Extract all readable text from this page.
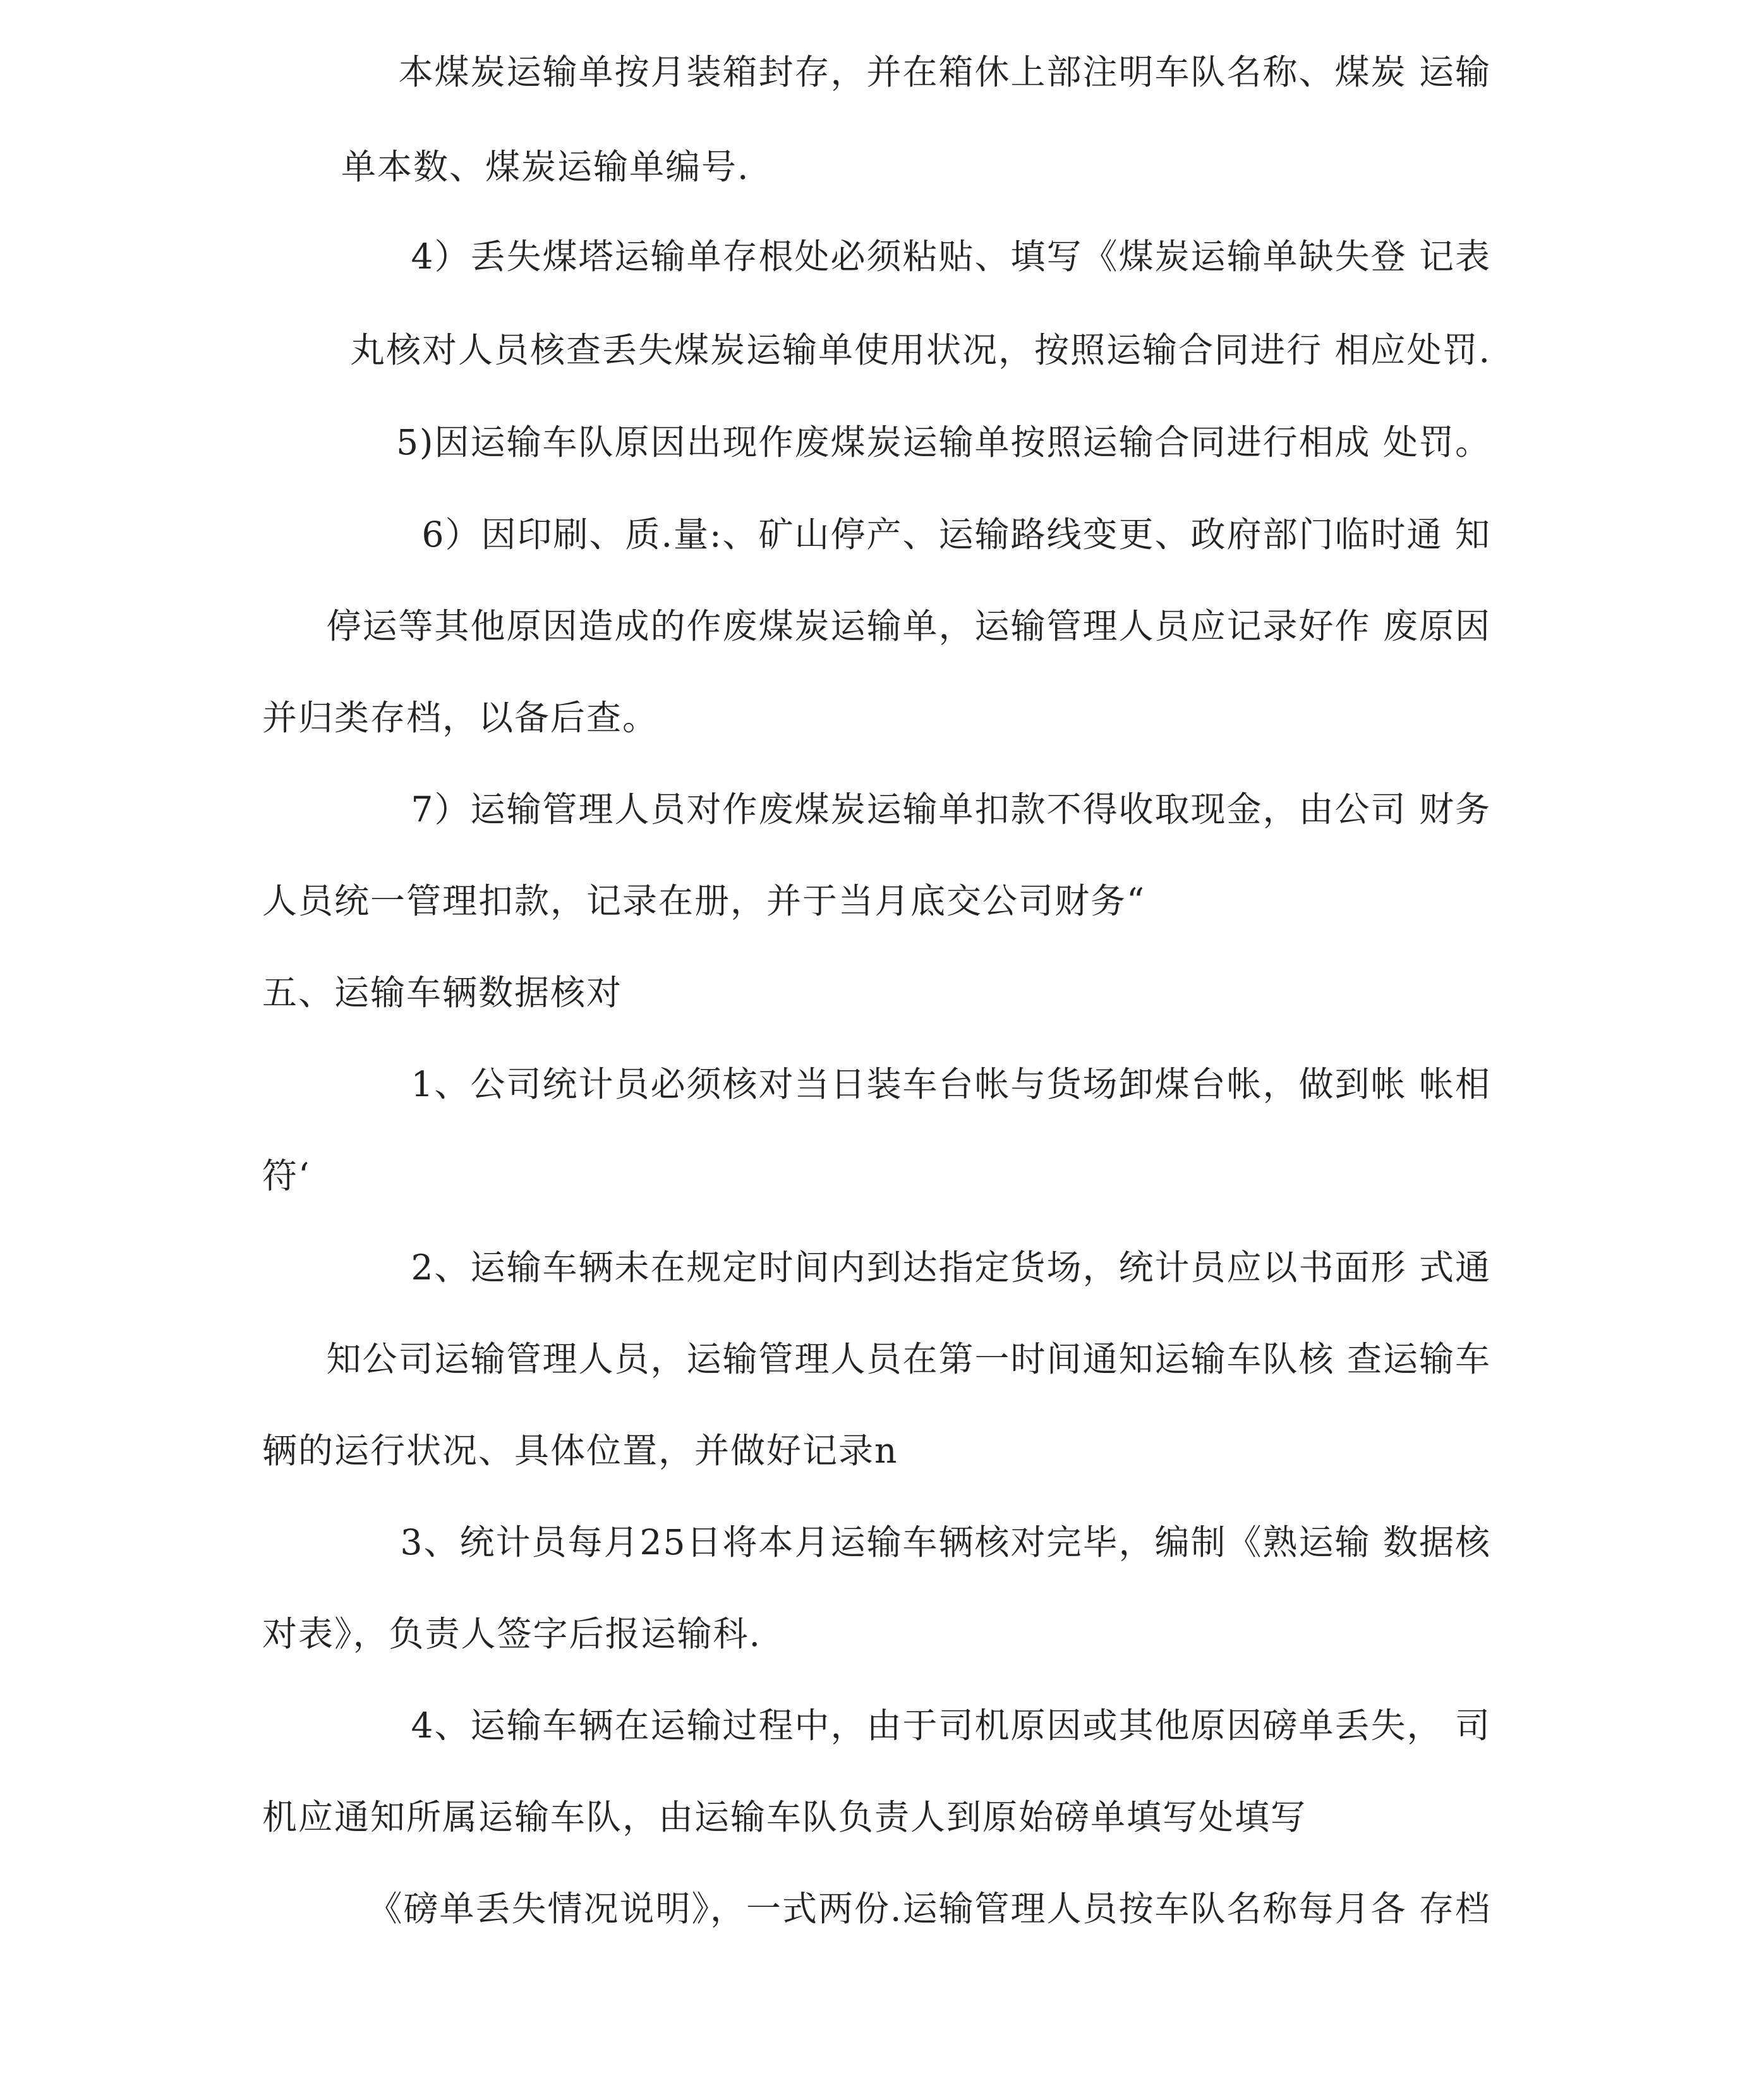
本煤炭运输单按月装箱封存，并在箱休上部注明车队名称、煤炭 运输
单本数、煤炭运输单编号.
4）丢失煤塔运输单存根处必须粘贴、填写《煤炭运输单缺失登 记表
丸核对人员核查丢失煤炭运输单使用状况，按照运输合同进行 相应处罚.
5)因运输车队原因出现作废煤炭运输单按照运输合同进行相成 处罚。
6）因印刷、质.量:、矿山停产、运输路线变更、政府部门临时通 知
停运等其他原因造成的作废煤炭运输单，运输管理人员应记录好作 废原因
并归类存档，以备后查。
7）运输管理人员对作废煤炭运输单扣款不得收取现金，由公司 财务
人员统一管理扣款，记录在册，并于当月底交公司财务“
五、运输车辆数据核对
1、公司统计员必须核对当日装车台帐与货场卸煤台帐，做到帐 帐相
符‘
2、运输车辆未在规定时间内到达指定货场，统计员应以书面形 式通
知公司运输管理人员，运输管理人员在第一时间通知运输车队核 查运输车
辆的运行状况、具体位置，并做好记录n
3、统计员每月25日将本月运输车辆核对完毕，编制《熟运输 数据核
对表》，负责人签字后报运输科.
4、运输车辆在运输过程中，由于司机原因或其他原因磅单丢失， 司
机应通知所属运输车队，由运输车队负责人到原始磅单填写处填写
《磅单丢失情况说明》，一式两份.运输管理人员按车队名称每月各 存档
